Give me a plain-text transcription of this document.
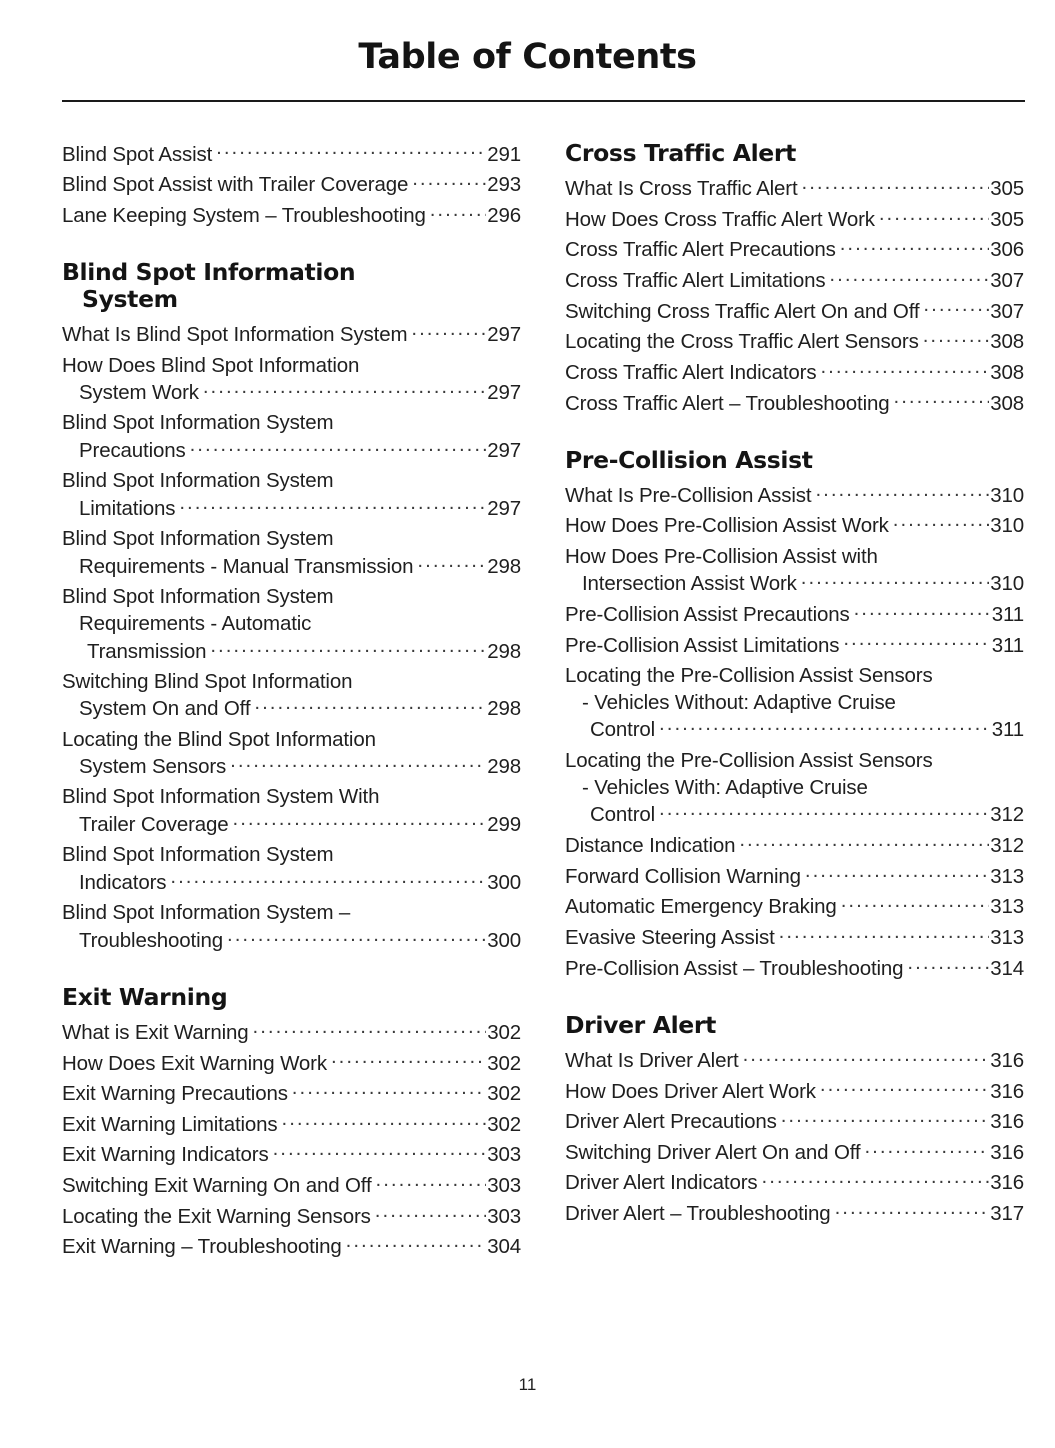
Table of Contents
Blind Spot Assist .....	291
Blind Spot Assist with Trailer Coverage .....	293
Lane Keeping System – Troubleshooting .....	296
Blind Spot Information
System
What Is Blind Spot Information System .....	297
How Does Blind Spot Information
System Work .....	297
Blind Spot Information System
Precautions .....	297
Blind Spot Information System
Limitations .....	297
Blind Spot Information System
Requirements - Manual Transmission .....	298
Blind Spot Information System
Requirements - Automatic
Transmission .....	298
Switching Blind Spot Information
System On and Off .....	298
Locating the Blind Spot Information
System Sensors .....	298
Blind Spot Information System With
Trailer Coverage .....	299
Blind Spot Information System
Indicators .....	300
Blind Spot Information System –
Troubleshooting .....	300
Exit Warning
What is Exit Warning .....	302
How Does Exit Warning Work .....	302
Exit Warning Precautions .....	302
Exit Warning Limitations .....	302
Exit Warning Indicators .....	303
Switching Exit Warning On and Off .....	303
Locating the Exit Warning Sensors .....	303
Exit Warning – Troubleshooting .....	304
Cross Traffic Alert
What Is Cross Traffic Alert .....	305
How Does Cross Traffic Alert Work .....	305
Cross Traffic Alert Precautions .....	306
Cross Traffic Alert Limitations .....	307
Switching Cross Traffic Alert On and Off .....	307
Locating the Cross Traffic Alert Sensors .....	308
Cross Traffic Alert Indicators .....	308
Cross Traffic Alert – Troubleshooting .....	308
Pre-Collision Assist
What Is Pre-Collision Assist .....	310
How Does Pre-Collision Assist Work .....	310
How Does Pre-Collision Assist with
Intersection Assist Work .....	310
Pre-Collision Assist Precautions .....	311
Pre-Collision Assist Limitations .....	311
Locating the Pre-Collision Assist Sensors
- Vehicles Without: Adaptive Cruise
Control .....	311
Locating the Pre-Collision Assist Sensors
- Vehicles With: Adaptive Cruise
Control .....	312
Distance Indication .....	312
Forward Collision Warning .....	313
Automatic Emergency Braking .....	313
Evasive Steering Assist .....	313
Pre-Collision Assist – Troubleshooting .....	314
Driver Alert
What Is Driver Alert .....	316
How Does Driver Alert Work .....	316
Driver Alert Precautions .....	316
Switching Driver Alert On and Off .....	316
Driver Alert Indicators .....	316
Driver Alert – Troubleshooting .....	317
11
